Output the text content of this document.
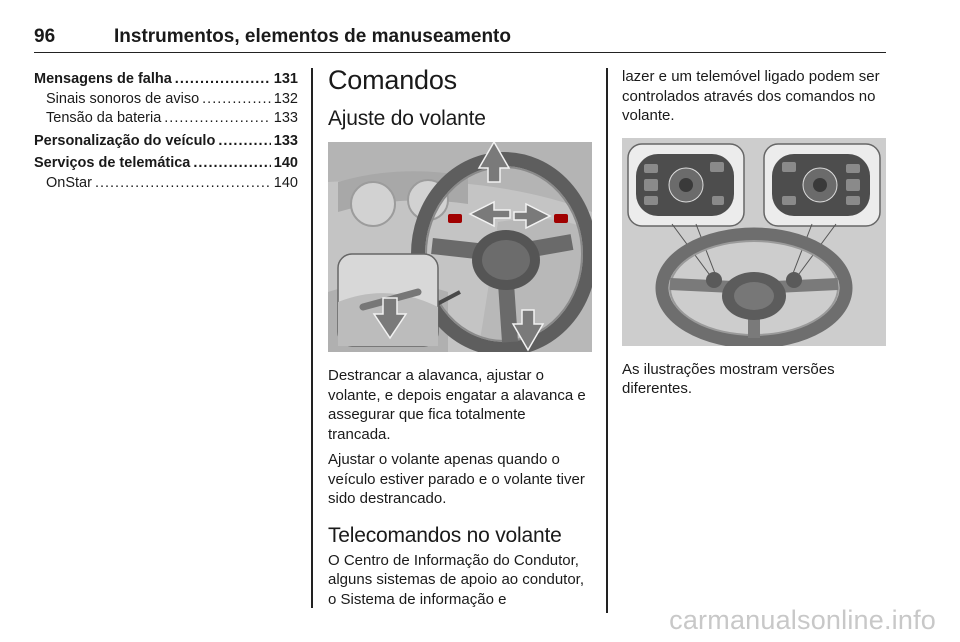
96	Instrumentos, elementos de manuseamento
Mensagens de falha .....	131
Sinais sonoros de aviso .....	132
Tensão da bateria .....	133
Personalização do veículo .....	133
Serviços de telemática .....	140
OnStar .....	140
Comandos
Ajuste do volante

Destrancar a alavanca, ajustar o volante, e depois engatar a alavanca e assegurar que fica totalmente trancada.

Ajustar o volante apenas quando o veículo estiver parado e o volante tiver sido destrancado.

Telecomandos no volante

O Centro de Informação do Condutor, alguns sistemas de apoio ao condutor, o Sistema de informação e

lazer e um telemóvel ligado podem ser controlados através dos comandos no volante.

As ilustrações mostram versões diferentes.

carmanualsonline.info
